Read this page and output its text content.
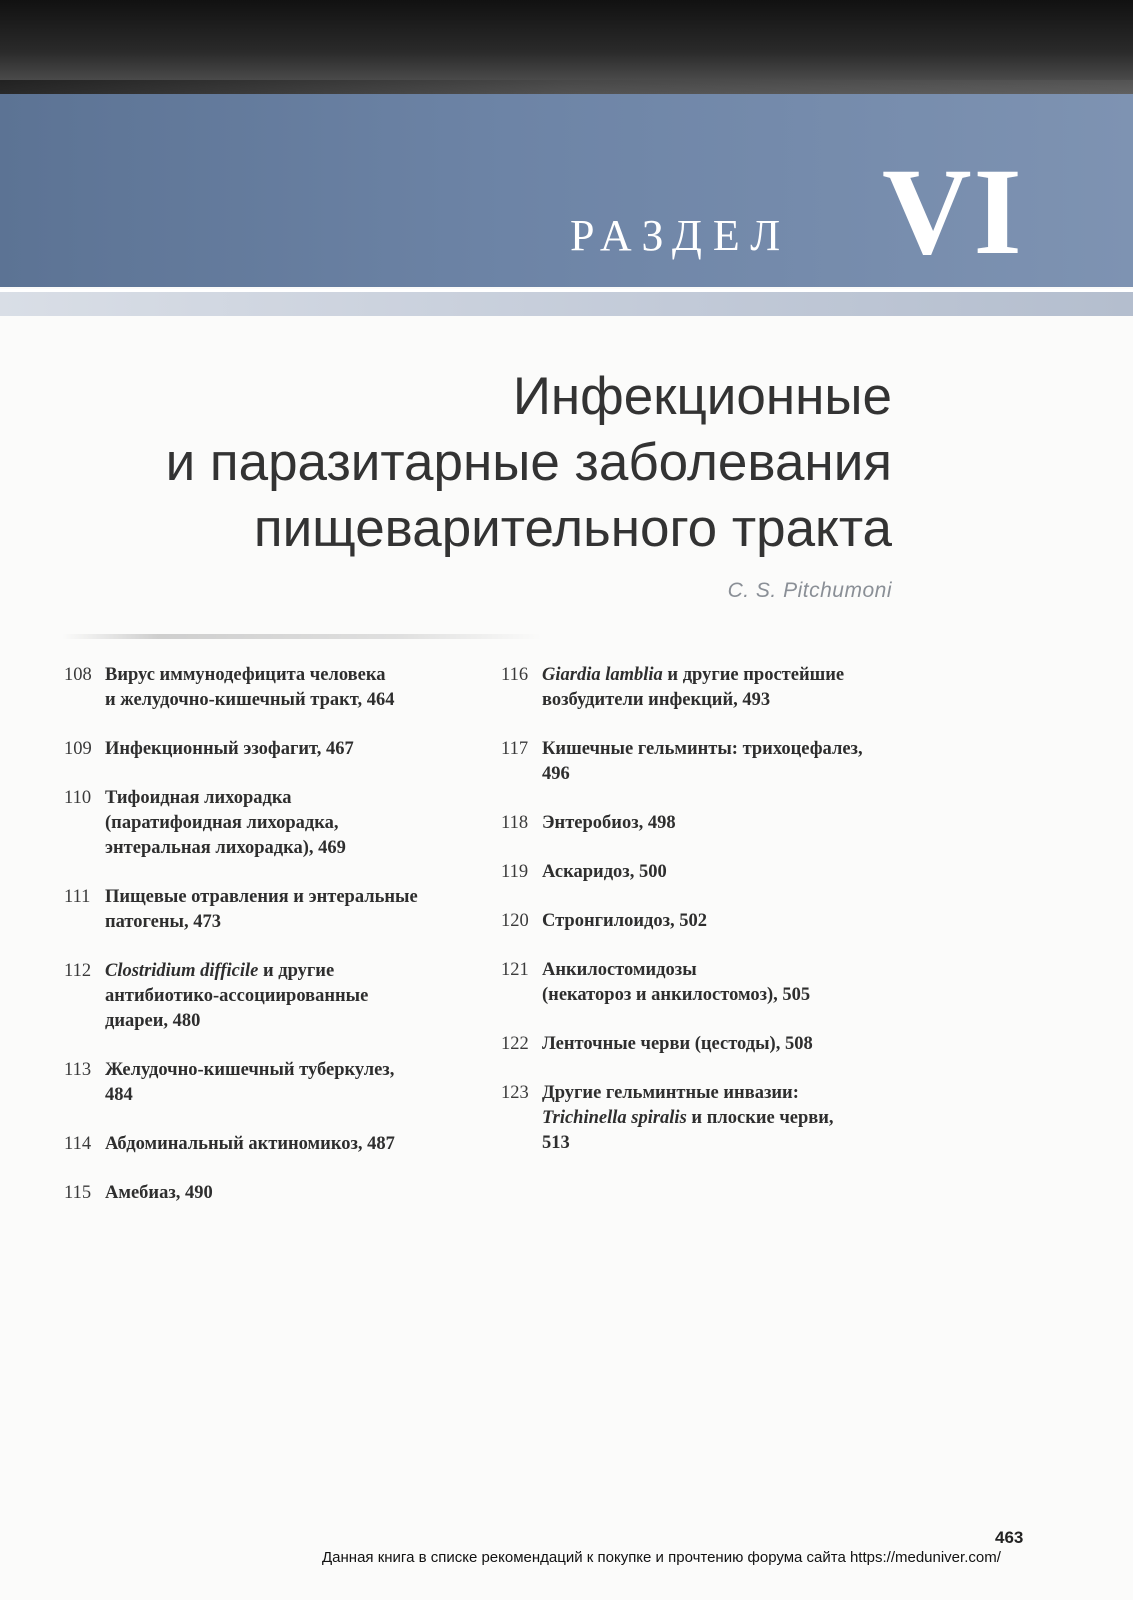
РАЗДЕЛ VI
Инфекционные
и паразитарные заболевания
пищеварительного тракта
C. S. Pitchumoni
108 Вирус иммунодефицита человека
и желудочно-кишечный тракт, 464
109 Инфекционный эзофагит, 467
110 Тифоидная лихорадка
(паратифоидная лихорадка,
энтеральная лихорадка), 469
111 Пищевые отравления и энтеральные
патогены, 473
112 Clostridium difficile и другие
антибиотико-ассоциированные
диареи, 480
113 Желудочно-кишечный туберкулез,
484
114 Абдоминальный актиномикоз, 487
115 Амебиаз, 490
116 Giardia lamblia и другие простейшие
возбудители инфекций, 493
117 Кишечные гельминты: трихоцефалез,
496
118 Энтеробиоз, 498
119 Аскаридоз, 500
120 Стронгилоидоз, 502
121 Анкилостомидозы
(некатороз и анкилостомоз), 505
122 Ленточные черви (цестоды), 508
123 Другие гельминтные инвазии:
Trichinella spiralis и плоские черви,
513
463
Данная книга в списке рекомендаций к покупке и прочтению форума сайта https://meduniver.com/
